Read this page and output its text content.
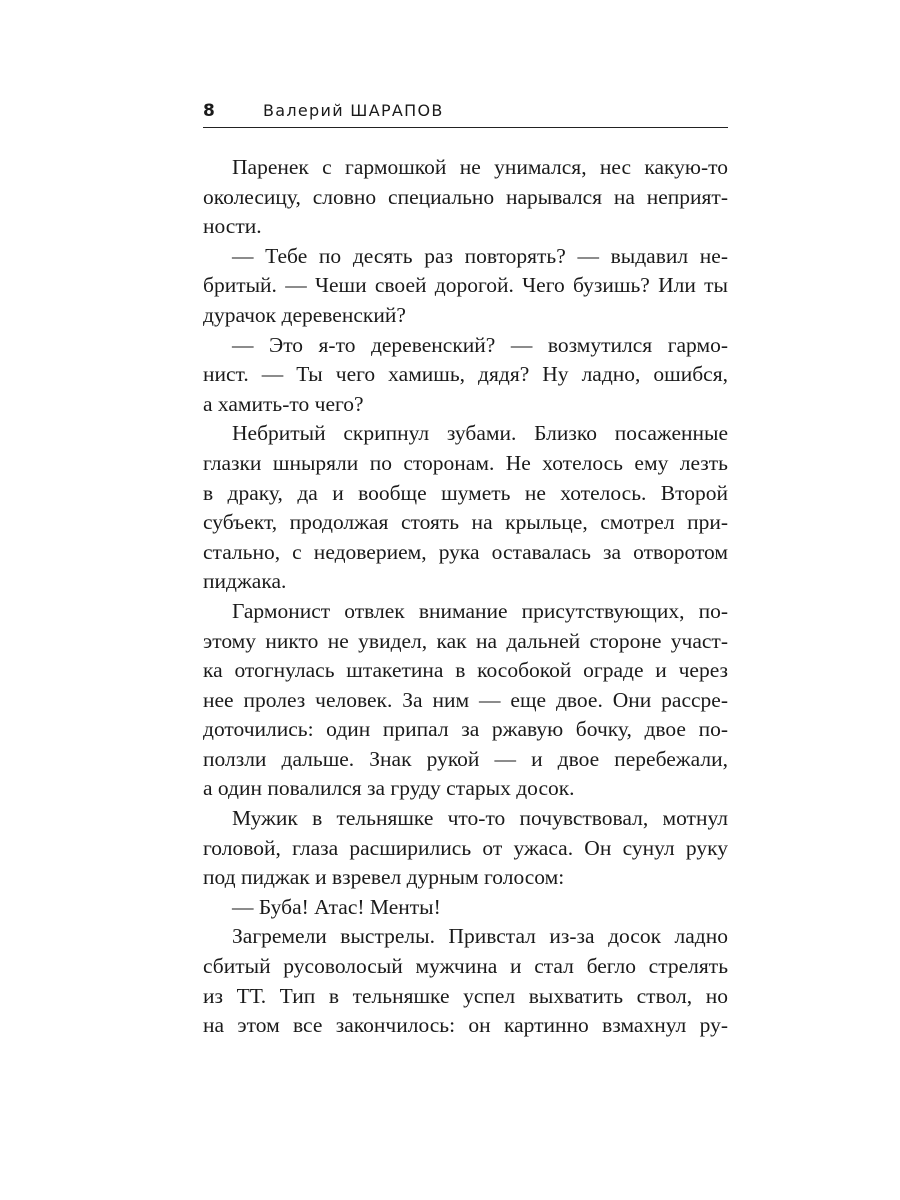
8	Валерий ШАРАПОВ
Паренек с гармошкой не унимался, нес какую-то
околесицу, словно специально нарывался на неприят-
ности.
— Тебе по десять раз повторять? — выдавил не-
бритый. — Чеши своей дорогой. Чего бузишь? Или ты
дурачок деревенский?
— Это я-то деревенский? — возмутился гармо-
нист. — Ты чего хамишь, дядя? Ну ладно, ошибся,
а хамить-то чего?
Небритый скрипнул зубами. Близко посаженные
глазки шныряли по сторонам. Не хотелось ему лезть
в драку, да и вообще шуметь не хотелось. Второй
субъект, продолжая стоять на крыльце, смотрел при-
стально, с недоверием, рука оставалась за отворотом
пиджака.
Гармонист отвлек внимание присутствующих, по-
этому никто не увидел, как на дальней стороне участ-
ка отогнулась штакетина в кособокой ограде и через
нее пролез человек. За ним — еще двое. Они рассре-
доточились: один припал за ржавую бочку, двое по-
ползли дальше. Знак рукой — и двое перебежали,
а один повалился за груду старых досок.
Мужик в тельняшке что-то почувствовал, мотнул
головой, глаза расширились от ужаса. Он сунул руку
под пиджак и взревел дурным голосом:
— Буба! Атас! Менты!
Загремели выстрелы. Привстал из-за досок ладно
сбитый русоволосый мужчина и стал бегло стрелять
из ТТ. Тип в тельняшке успел выхватить ствол, но
на этом все закончилось: он картинно взмахнул ру-
